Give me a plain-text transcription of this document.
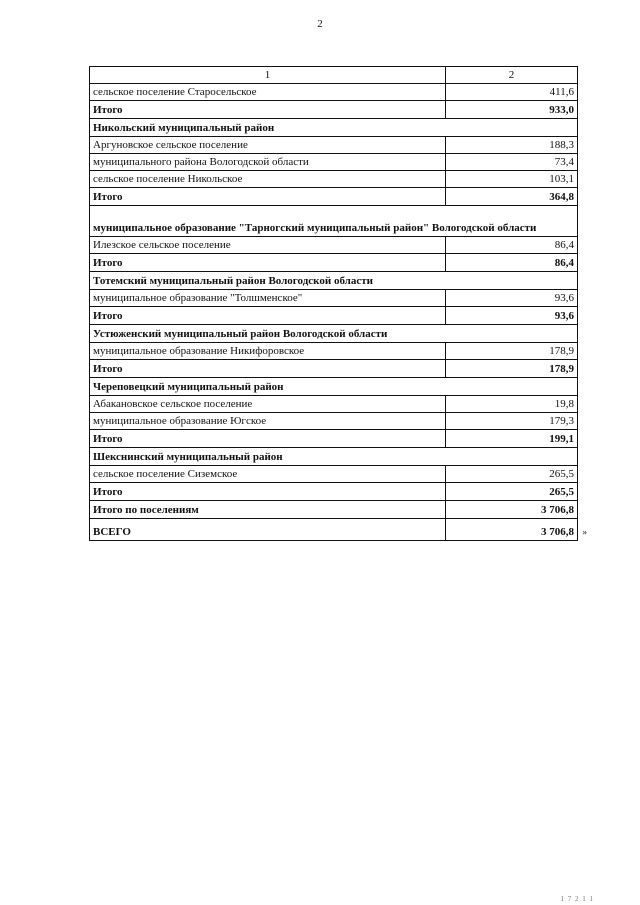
2
1	2
сельское поселение Старосельское	411,6
Итого	933,0
Никольский муниципальный район	
Аргуновское сельское поселение	188,3
муниципального района Вологодской области	73,4
сельское поселение Никольское	103,1
Итого	364,8
муниципальное образование "Тарногский муниципальный район" Вологодской области	
Илезское сельское поселение	86,4
Итого	86,4
Тотемский муниципальный район Вологодской области	
муниципальное образование "Толшменское"	93,6
Итого	93,6
Устюженский муниципальный район Вологодской области	
муниципальное образование Никифоровское	178,9
Итого	178,9
Череповецкий муниципальный район	
Абакановское сельское поселение	19,8
муниципальное образование Югское	179,3
Итого	199,1
Шекснинский муниципальный район	
сельское поселение Сиземское	265,5
Итого	265,5
Итого по поселениям	3 706,8
ВСЕГО	3 706,8 »
1 7 2 1 1
